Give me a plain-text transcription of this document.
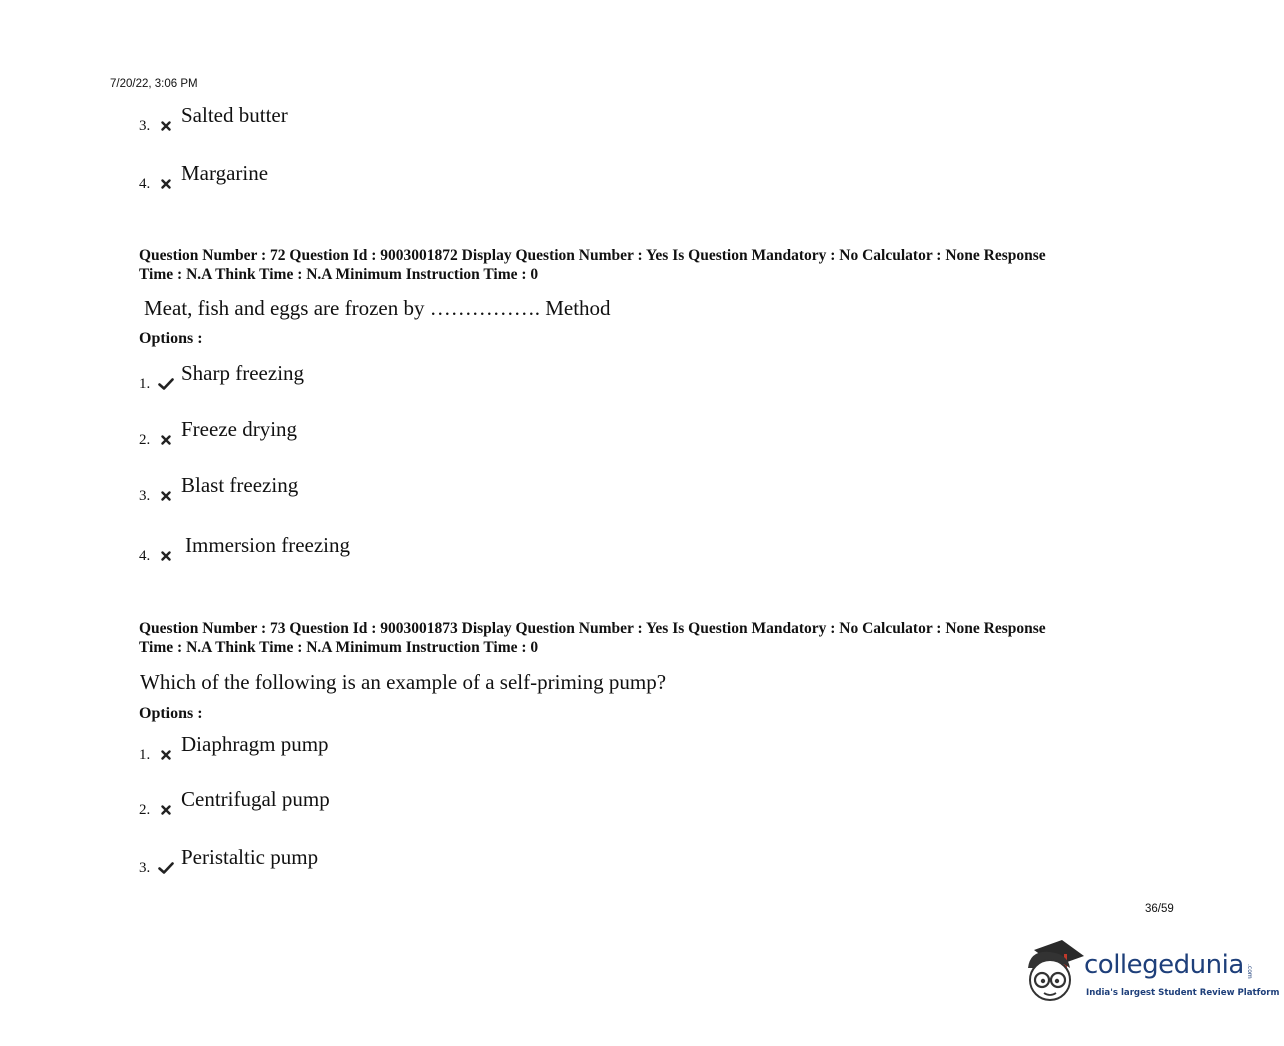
7/20/22, 3:06 PM
3.	Salted butter
4.	Margarine
Question Number : 72 Question Id : 9003001872 Display Question Number : Yes Is Question Mandatory : No Calculator : None Response
Time : N.A Think Time : N.A Minimum Instruction Time : 0
Meat, fish and eggs are frozen by ……………. Method
Options :
1.	Sharp freezing
2.	Freeze drying
3.	Blast freezing
4.	Immersion freezing
Question Number : 73 Question Id : 9003001873 Display Question Number : Yes Is Question Mandatory : No Calculator : None Response
Time : N.A Think Time : N.A Minimum Instruction Time : 0
Which of the following is an example of a self-priming pump?
Options :
1.	Diaphragm pump
2.	Centrifugal pump
3.	Peristaltic pump
36/59
collegedunia .com
India's largest Student Review Platform
